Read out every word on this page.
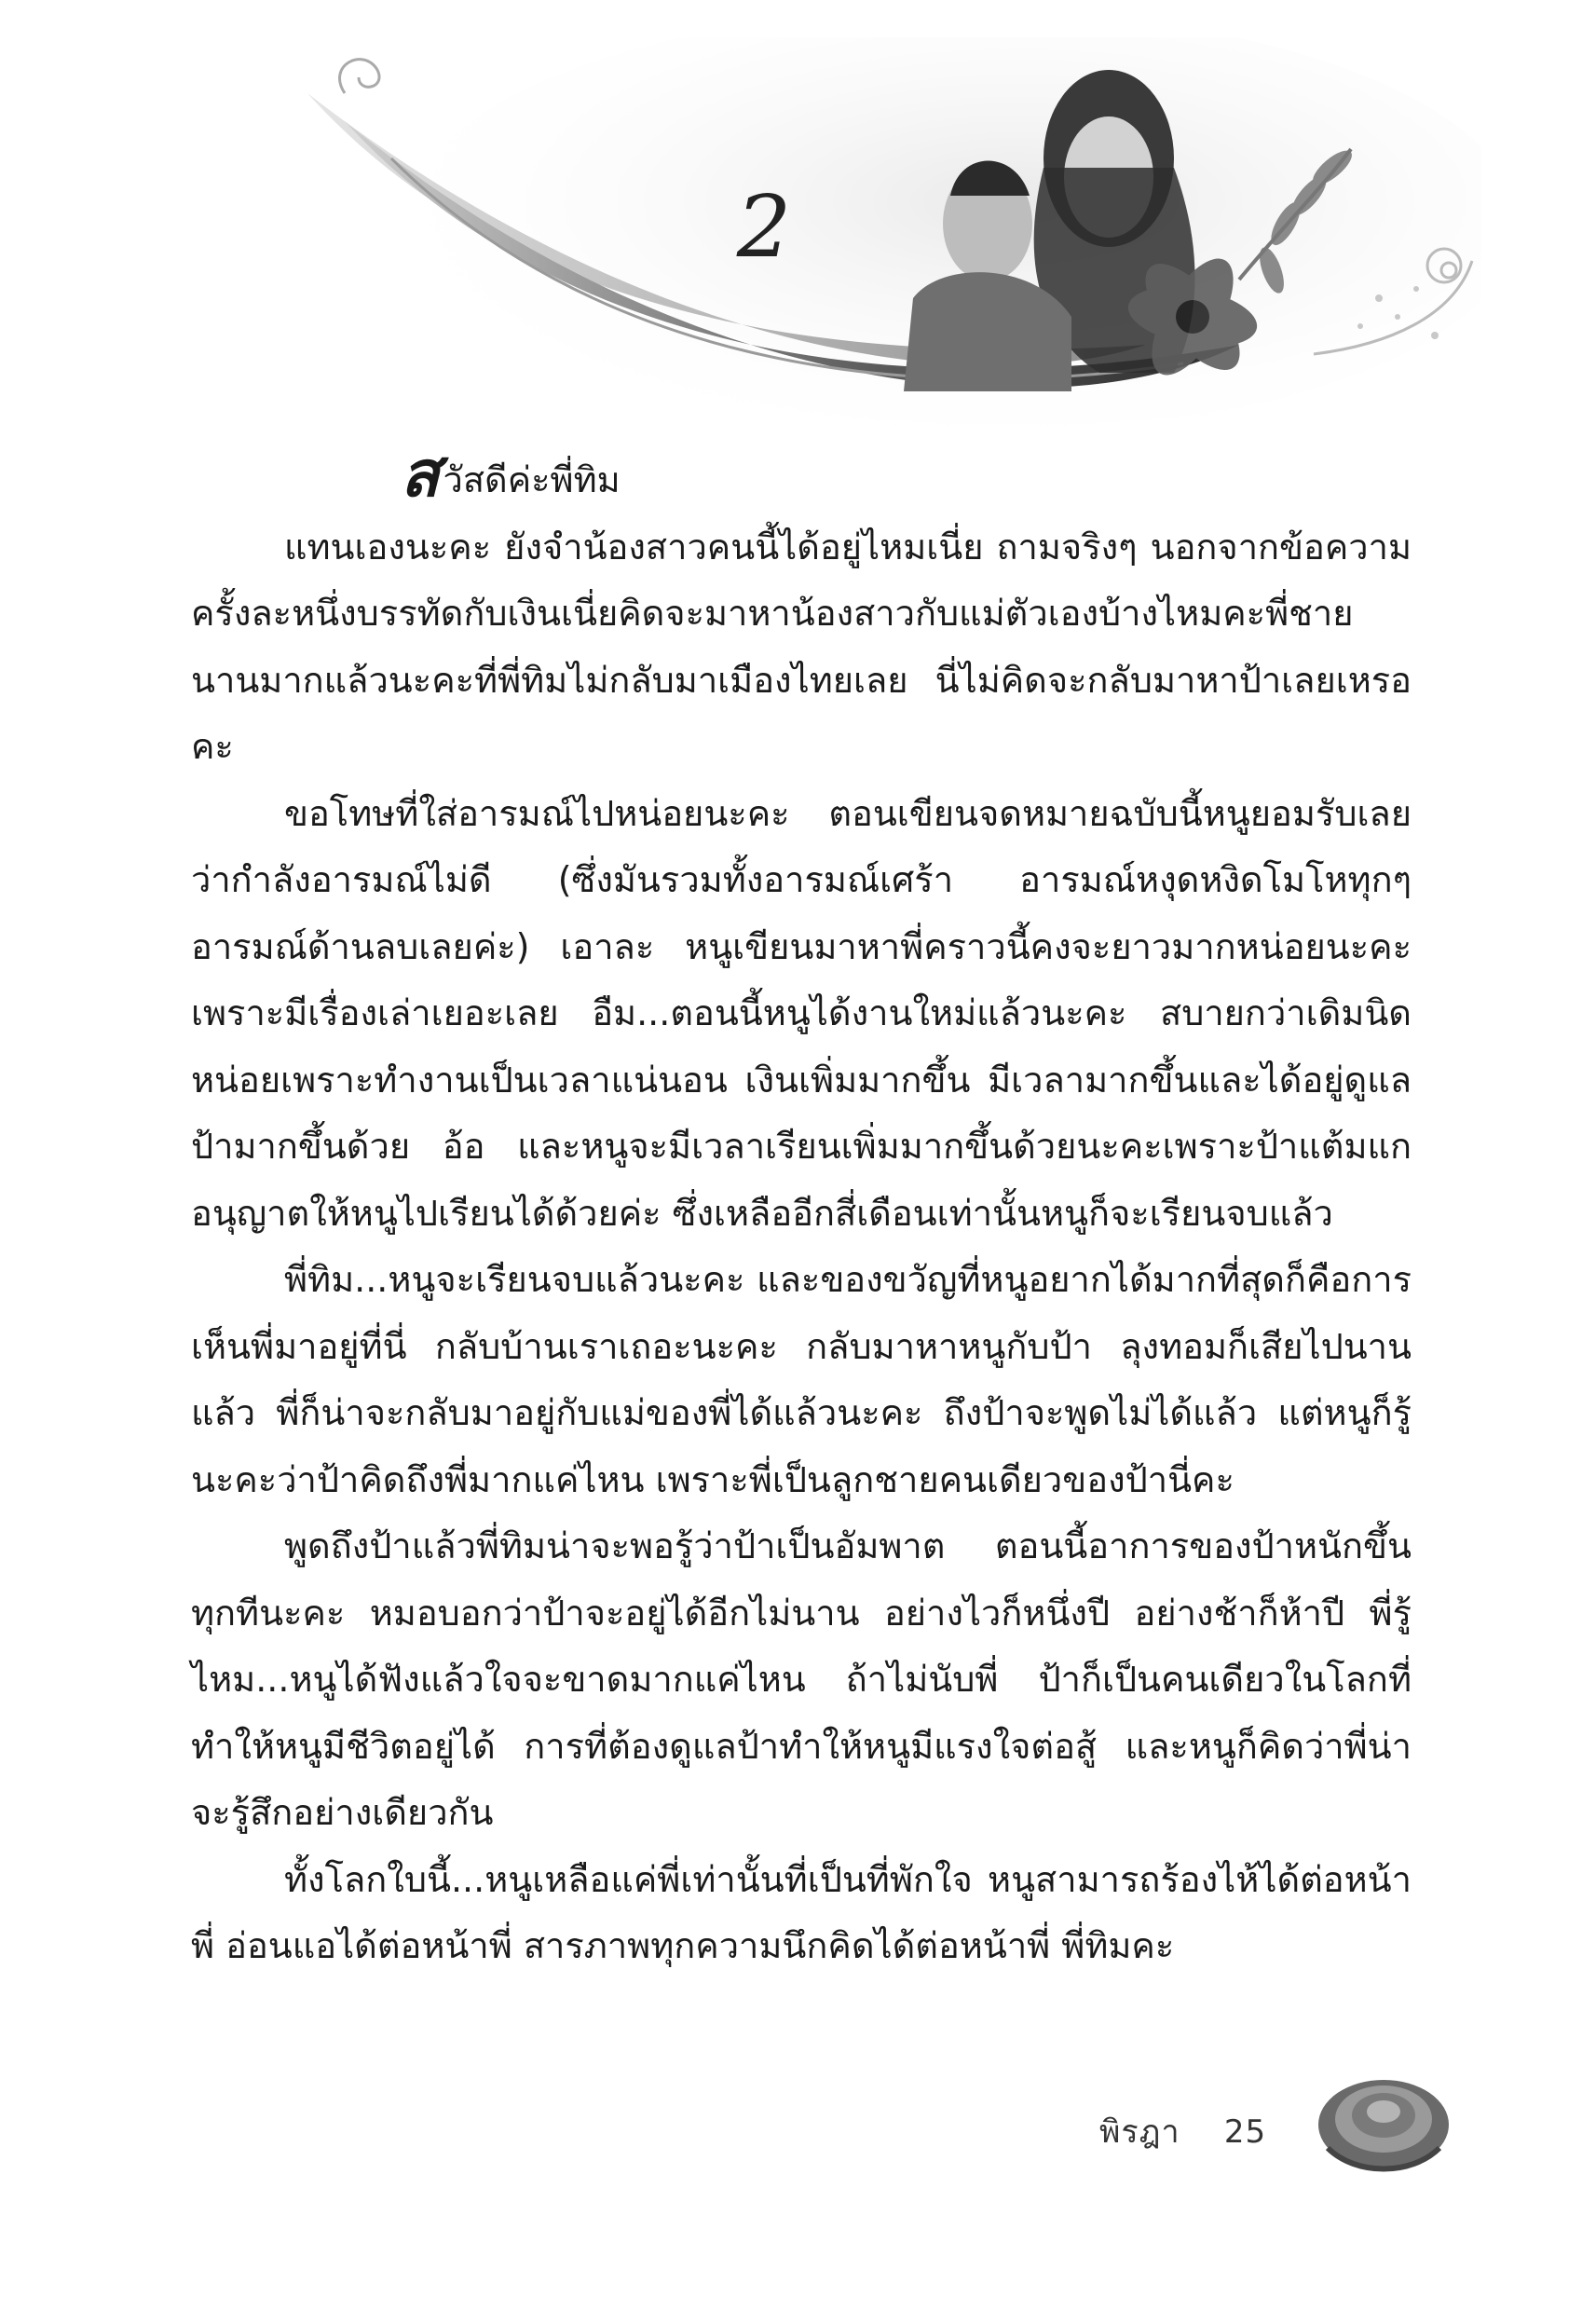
2

สวัสดีค่ะพี่ทิม

แทนเองนะคะ ยังจำน้องสาวคนนี้ได้อยู่ไหมเนี่ย ถามจริงๆ นอกจากข้อความครั้งละหนึ่งบรรทัดกับเงินเนี่ยคิดจะมาหาน้องสาวกับแม่ตัวเองบ้างไหมคะพี่ชาย นานมากแล้วนะคะที่พี่ทิมไม่กลับมาเมืองไทยเลย นี่ไม่คิดจะกลับมาหาป้าเลยเหรอคะ

ขอโทษที่ใส่อารมณ์ไปหน่อยนะคะ ตอนเขียนจดหมายฉบับนี้หนูยอมรับเลยว่ากำลังอารมณ์ไม่ดี (ซึ่งมันรวมทั้งอารมณ์เศร้า อารมณ์หงุดหงิดโมโหทุกๆ อารมณ์ด้านลบเลยค่ะ) เอาละ หนูเขียนมาหาพี่คราวนี้คงจะยาวมากหน่อยนะคะ เพราะมีเรื่องเล่าเยอะเลย อืม...ตอนนี้หนูได้งานใหม่แล้วนะคะ สบายกว่าเดิมนิดหน่อยเพราะทำงานเป็นเวลาแน่นอน เงินเพิ่มมากขึ้น มีเวลามากขึ้นและได้อยู่ดูแลป้ามากขึ้นด้วย อ้อ และหนูจะมีเวลาเรียนเพิ่มมากขึ้นด้วยนะคะเพราะป้าแต้มแกอนุญาตให้หนูไปเรียนได้ด้วยค่ะ ซึ่งเหลืออีกสี่เดือนเท่านั้นหนูก็จะเรียนจบแล้ว

พี่ทิม...หนูจะเรียนจบแล้วนะคะ และของขวัญที่หนูอยากได้มากที่สุดก็คือการเห็นพี่มาอยู่ที่นี่ กลับบ้านเราเถอะนะคะ กลับมาหาหนูกับป้า ลุงทอมก็เสียไปนานแล้ว พี่ก็น่าจะกลับมาอยู่กับแม่ของพี่ได้แล้วนะคะ ถึงป้าจะพูดไม่ได้แล้ว แต่หนูก็รู้นะคะว่าป้าคิดถึงพี่มากแค่ไหน เพราะพี่เป็นลูกชายคนเดียวของป้านี่คะ

พูดถึงป้าแล้วพี่ทิมน่าจะพอรู้ว่าป้าเป็นอัมพาต ตอนนี้อาการของป้าหนักขึ้นทุกทีนะคะ หมอบอกว่าป้าจะอยู่ได้อีกไม่นาน อย่างไวก็หนึ่งปี อย่างช้าก็ห้าปี พี่รู้ไหม...หนูได้ฟังแล้วใจจะขาดมากแค่ไหน ถ้าไม่นับพี่ ป้าก็เป็นคนเดียวในโลกที่ทำให้หนูมีชีวิตอยู่ได้ การที่ต้องดูแลป้าทำให้หนูมีแรงใจต่อสู้ และหนูก็คิดว่าพี่น่าจะรู้สึกอย่างเดียวกัน

ทั้งโลกใบนี้...หนูเหลือแค่พี่เท่านั้นที่เป็นที่พักใจ หนูสามารถร้องไห้ได้ต่อหน้าพี่ อ่อนแอได้ต่อหน้าพี่ สารภาพทุกความนึกคิดได้ต่อหน้าพี่ พี่ทิมคะ

พิรฎา 25
